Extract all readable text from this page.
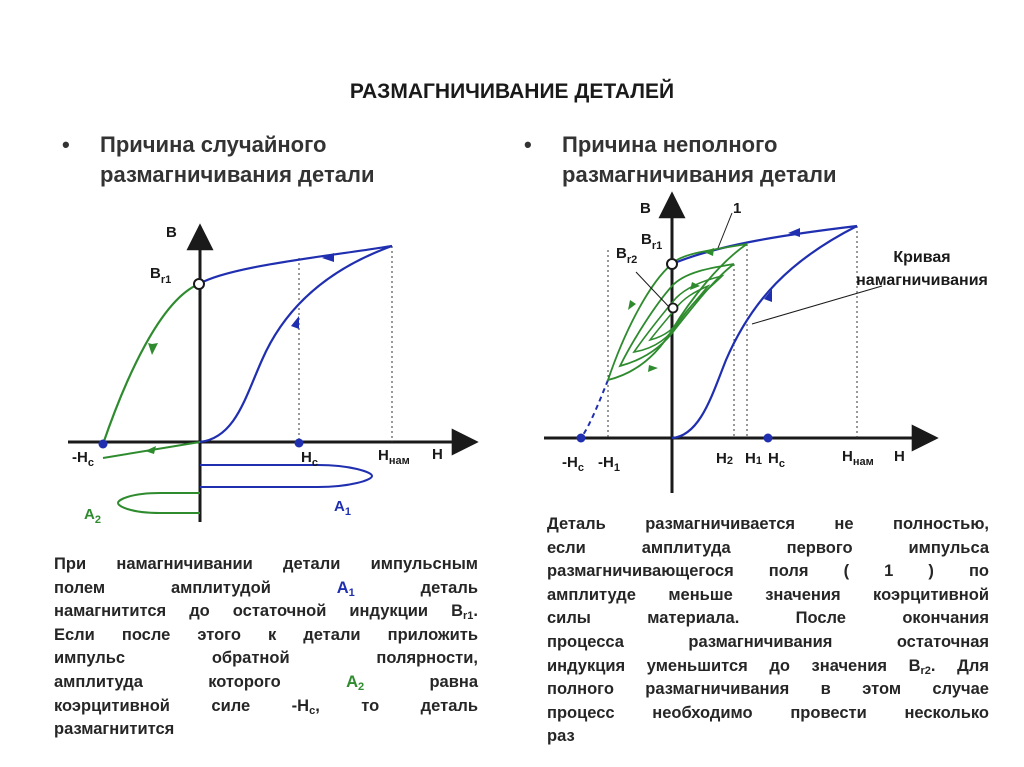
РАЗМАГНИЧИВАНИЕ ДЕТАЛЕЙ
• Причина случайного
размагничивания детали
• Причина неполного
размагничивания детали
B
$B_{r1}$
$-H_c$	$H_c$	$H_{нам}$ H
$A_1$
$A_2$
B	1
$B_{r1}$
$B_{r2}$	Кривая
намагничивания
$-H_c$ $-H_1$
H2 H1 $H_c$	$H_{нам}$ H
При намагничивании детали импульсным
полем амплитудой $A_1$ деталь
намагнитится до остаточной индукции $B_{r1}$.
Если после этого к детали приложить
импульс обратной полярности,
амплитуда которого $A_2$ равна
коэрцитивной силе $-H_c$, то деталь
размагнитится
Деталь размагничивается не полностью,
если амплитуда первого импульса
размагничивающегося поля ( 1 ) по
амплитуде меньше значения коэрцитивной
силы материала. После окончания
процесса размагничивания остаточная
индукция уменьшится до значения $B_{r2}$. Для
полного размагничивания в этом случае
процесс необходимо провести несколько
раз
